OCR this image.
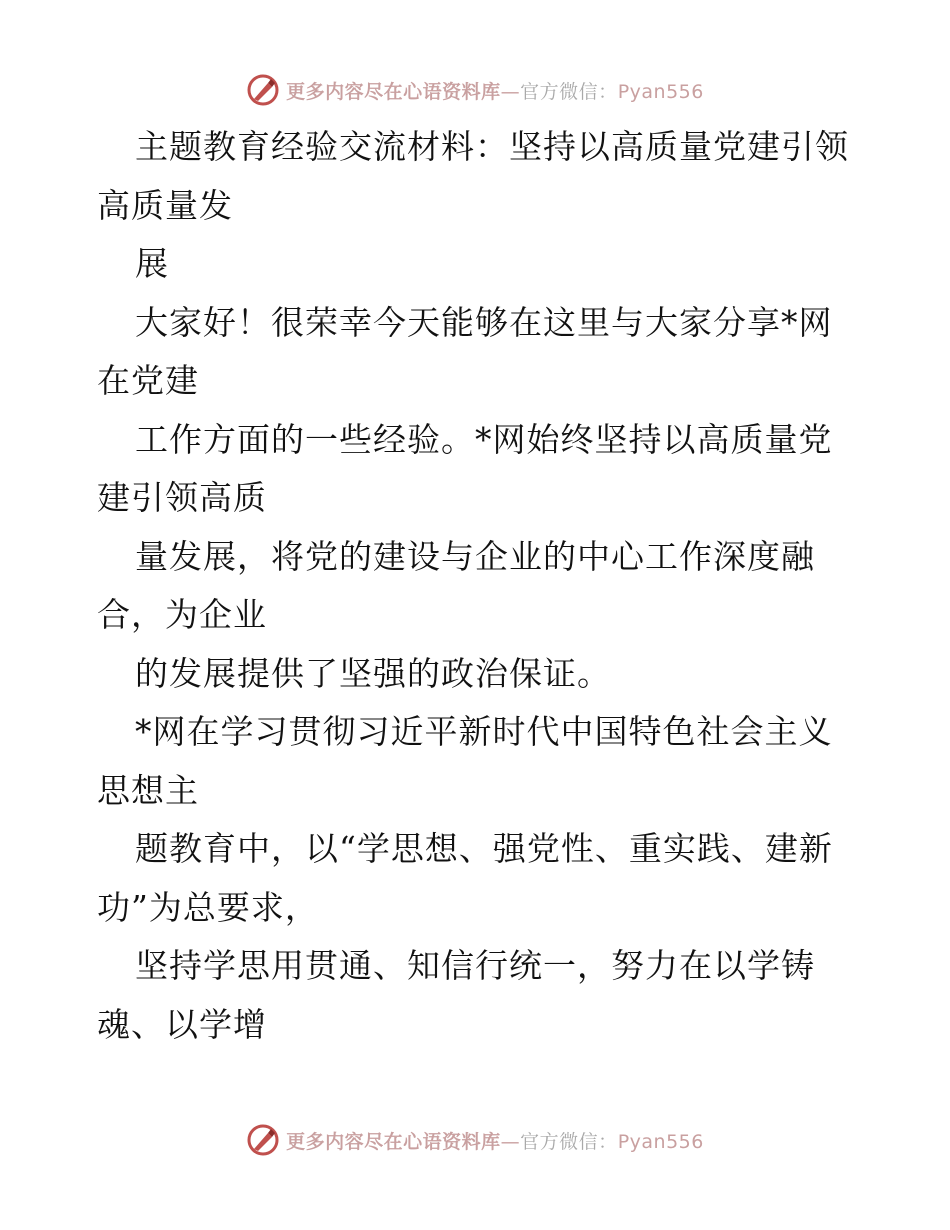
更多内容尽在心语资料库—官方微信：Pyan556
主题教育经验交流材料：坚持以高质量党建引领
高质量发
展
大家好！很荣幸今天能够在这里与大家分享*网
在党建
工作方面的一些经验。*网始终坚持以高质量党
建引领高质
量发展，将党的建设与企业的中心工作深度融
合，为企业
的发展提供了坚强的政治保证。
*网在学习贯彻习近平新时代中国特色社会主义
思想主
题教育中，以“学思想、强党性、重实践、建新
功”为总要求，
坚持学思用贯通、知信行统一，努力在以学铸
魂、以学增
更多内容尽在心语资料库—官方微信：Pyan556
